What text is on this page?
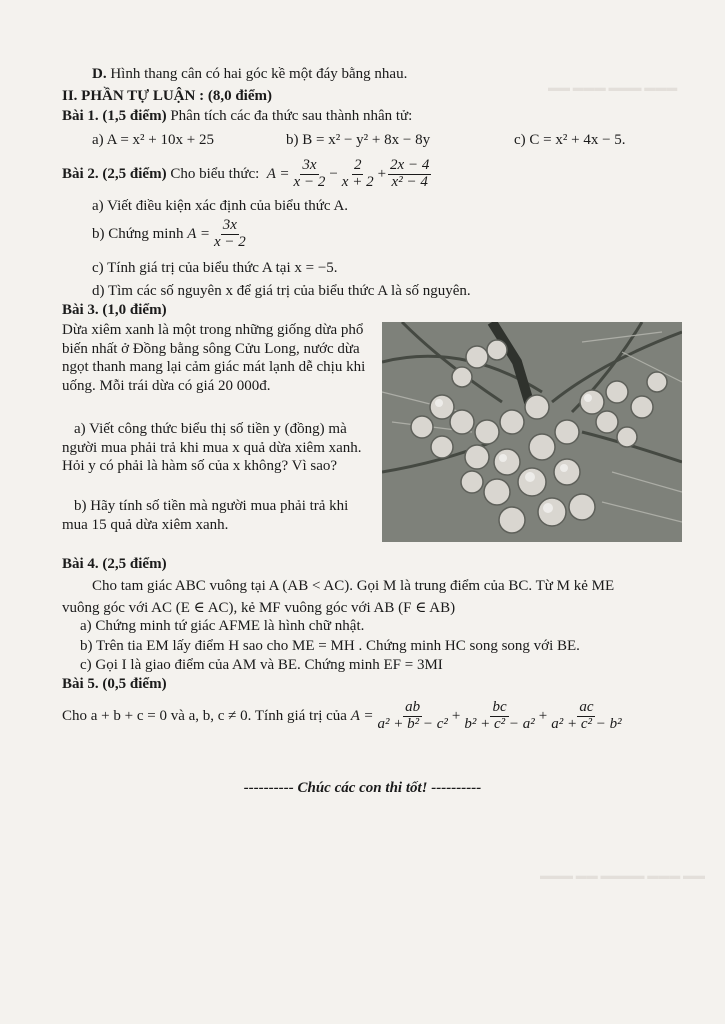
▬▬ ▬▬▬ ▬▬▬ ▬▬▬
▬▬▬ ▬▬ ▬▬▬▬ ▬▬▬ ▬▬
D. Hình thang cân có hai góc kề một đáy bằng nhau.
II. PHẦN TỰ LUẬN : (8,0 điểm)
Bài 1. (1,5 điểm) Phân tích các đa thức sau thành nhân tử:
a) A = x² + 10x + 25	b) B = x² − y² + 8x − 8y	c) C = x² + 4x − 5.
Bài 2. (2,5 điểm)
Cho biểu thức:
$A = \frac{3x}{x - 2} - \frac{2}{x + 2} + \frac{2x - 4}{\text{x² − 4}}$
a) Viết điều kiện xác định của biểu thức A.
b) Chứng minh
$A = \frac{3x}{x - 2}$
c) Tính giá trị của biểu thức A tại x = −5.
d) Tìm các số nguyên x để giá trị của biểu thức A là số nguyên.
Bài 3. (1,0 điểm)
Dừa xiêm xanh là một trong những giống dừa phổ biến nhất ở Đồng bằng sông Cửu Long, nước dừa ngọt thanh mang lại cảm giác mát lạnh dễ chịu khi uống. Mỗi trái dừa có giá 20 000đ.
a) Viết công thức biểu thị số tiền y (đồng) mà người mua phải trả khi mua x quả dừa xiêm xanh. Hỏi y có phải là hàm số của x không? Vì sao?
b) Hãy tính số tiền mà người mua phải trả khi mua 15 quả dừa xiêm xanh.
Bài 4. (2,5 điểm)
Cho tam giác ABC vuông tại A (AB < AC). Gọi M là trung điểm của BC. Từ M kẻ ME
vuông góc với AC (E ∈ AC), kẻ MF vuông góc với AB (F ∈ AB)
a) Chứng minh tứ giác AFME là hình chữ nhật.
b) Trên tia EM lấy điểm H sao cho ME = MH . Chứng minh HC song song với BE.
c) Gọi I là giao điểm của AM và BE. Chứng minh EF = 3MI
Bài 5. (0,5 điểm)
Cho a + b + c = 0 và a, b, c ≠ 0. Tính giá trị của
$A = \frac{ab}{\text{a² + b² − c²}} + \frac{bc}{\text{b² + c² − a²}} + \frac{ac}{\text{a² + c² − b²}}$
---------- Chúc các con thi tốt! ----------
